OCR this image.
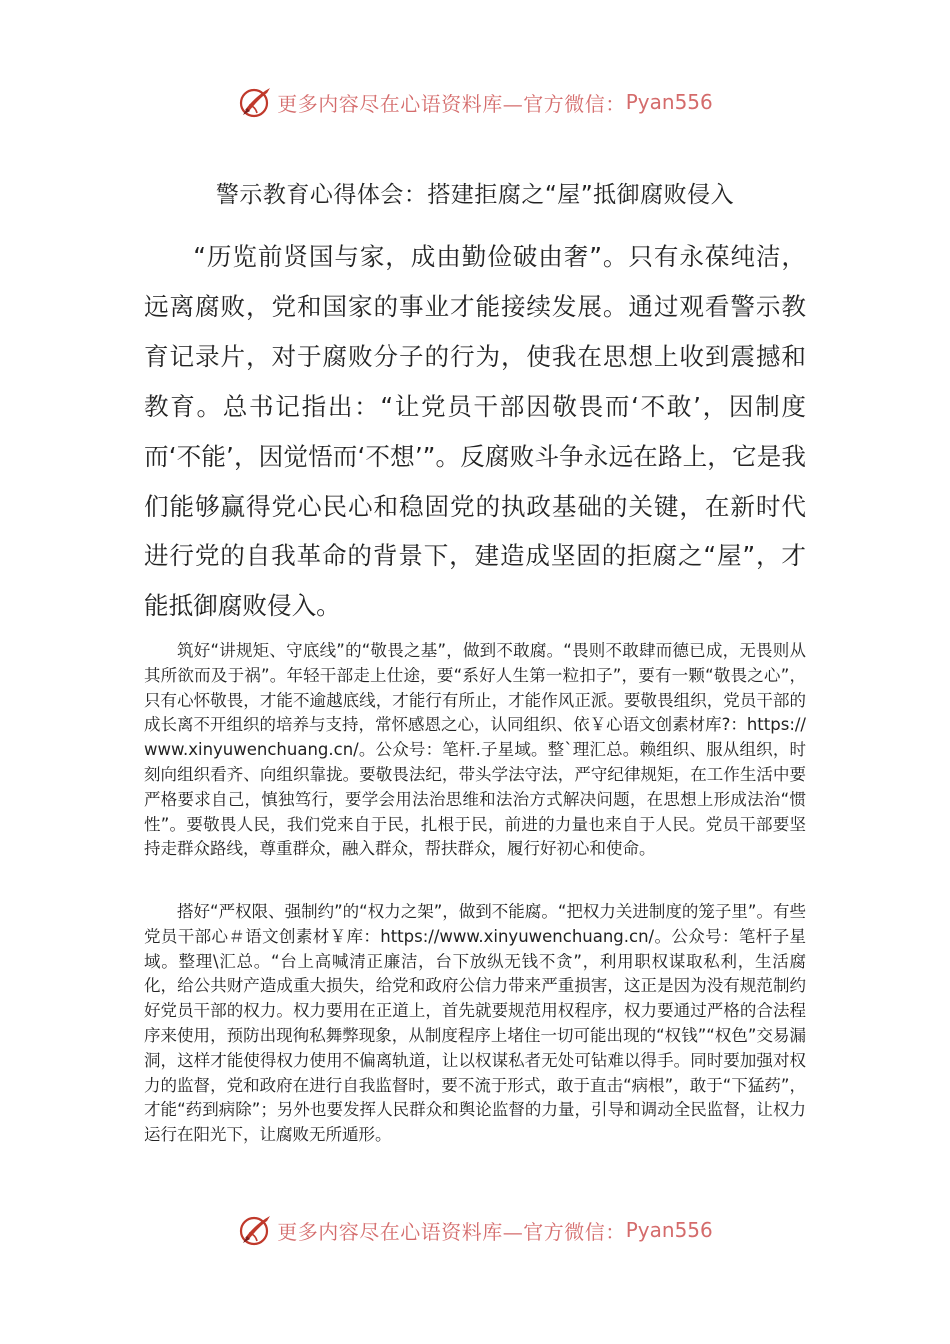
更多内容尽在心语资料库—官方微信： Pyan556
警示教育心得体会：搭建拒腐之“屋”抵御腐败侵入

“历览前贤国与家，成由勤俭破由奢”。只有永葆纯洁，远离腐败，党和国家的事业才能接续发展。通过观看警示教育记录片，对于腐败分子的行为，使我在思想上收到震撼和教育。总书记指出：“让党员干部因敬畏而‘不敢’，因制度而‘不能’，因觉悟而‘不想’”。反腐败斗争永远在路上，它是我们能够赢得党心民心和稳固党的执政基础的关键，在新时代进行党的自我革命的背景下，建造成坚固的拒腐之“屋”，才能抵御腐败侵入。

筑好“讲规矩、守底线”的“敬畏之基”，做到不敢腐。“畏则不敢肆而德已成，无畏则从其所欲而及于祸”。年轻干部走上仕途，要“系好人生第一粒扣子”，要有一颗“敬畏之心”，只有心怀敬畏，才能不逾越底线，才能行有所止，才能作风正派。要敬畏组织，党员干部的成长离不开组织的培养与支持，常怀感恩之心，认同组织、依￥心语文创素材库?：https://www.xinyuwenchuang.cn/。公众号：笔杆.子星域。整`理汇总。赖组织、服从组织，时刻向组织看齐、向组织靠拢。要敬畏法纪，带头学法守法，严守纪律规矩，在工作生活中要严格要求自己，慎独笃行，要学会用法治思维和法治方式解决问题，在思想上形成法治“惯性”。要敬畏人民，我们党来自于民，扎根于民，前进的力量也来自于人民。党员干部要坚持走群众路线，尊重群众，融入群众，帮扶群众，履行好初心和使命。

搭好“严权限、强制约”的“权力之架”，做到不能腐。“把权力关进制度的笼子里”。有些党员干部心＃语文创素材￥库：https://www.xinyuwenchuang.cn/。公众号：笔杆子星域。整理\汇总。“台上高喊清正廉洁，台下放纵无钱不贪”，利用职权谋取私利，生活腐化，给公共财产造成重大损失，给党和政府公信力带来严重损害，这正是因为没有规范制约好党员干部的权力。权力要用在正道上，首先就要规范用权程序，权力要通过严格的合法程序来使用，预防出现徇私舞弊现象，从制度程序上堵住一切可能出现的“权钱”“权色”交易漏洞，这样才能使得权力使用不偏离轨道，让以权谋私者无处可钻难以得手。同时要加强对权力的监督，党和政府在进行自我监督时，要不流于形式，敢于直击“病根”，敢于“下猛药”，才能“药到病除”；另外也要发挥人民群众和舆论监督的力量，引导和调动全民监督，让权力运行在阳光下，让腐败无所遁形。

更多内容尽在心语资料库—官方微信： Pyan556
